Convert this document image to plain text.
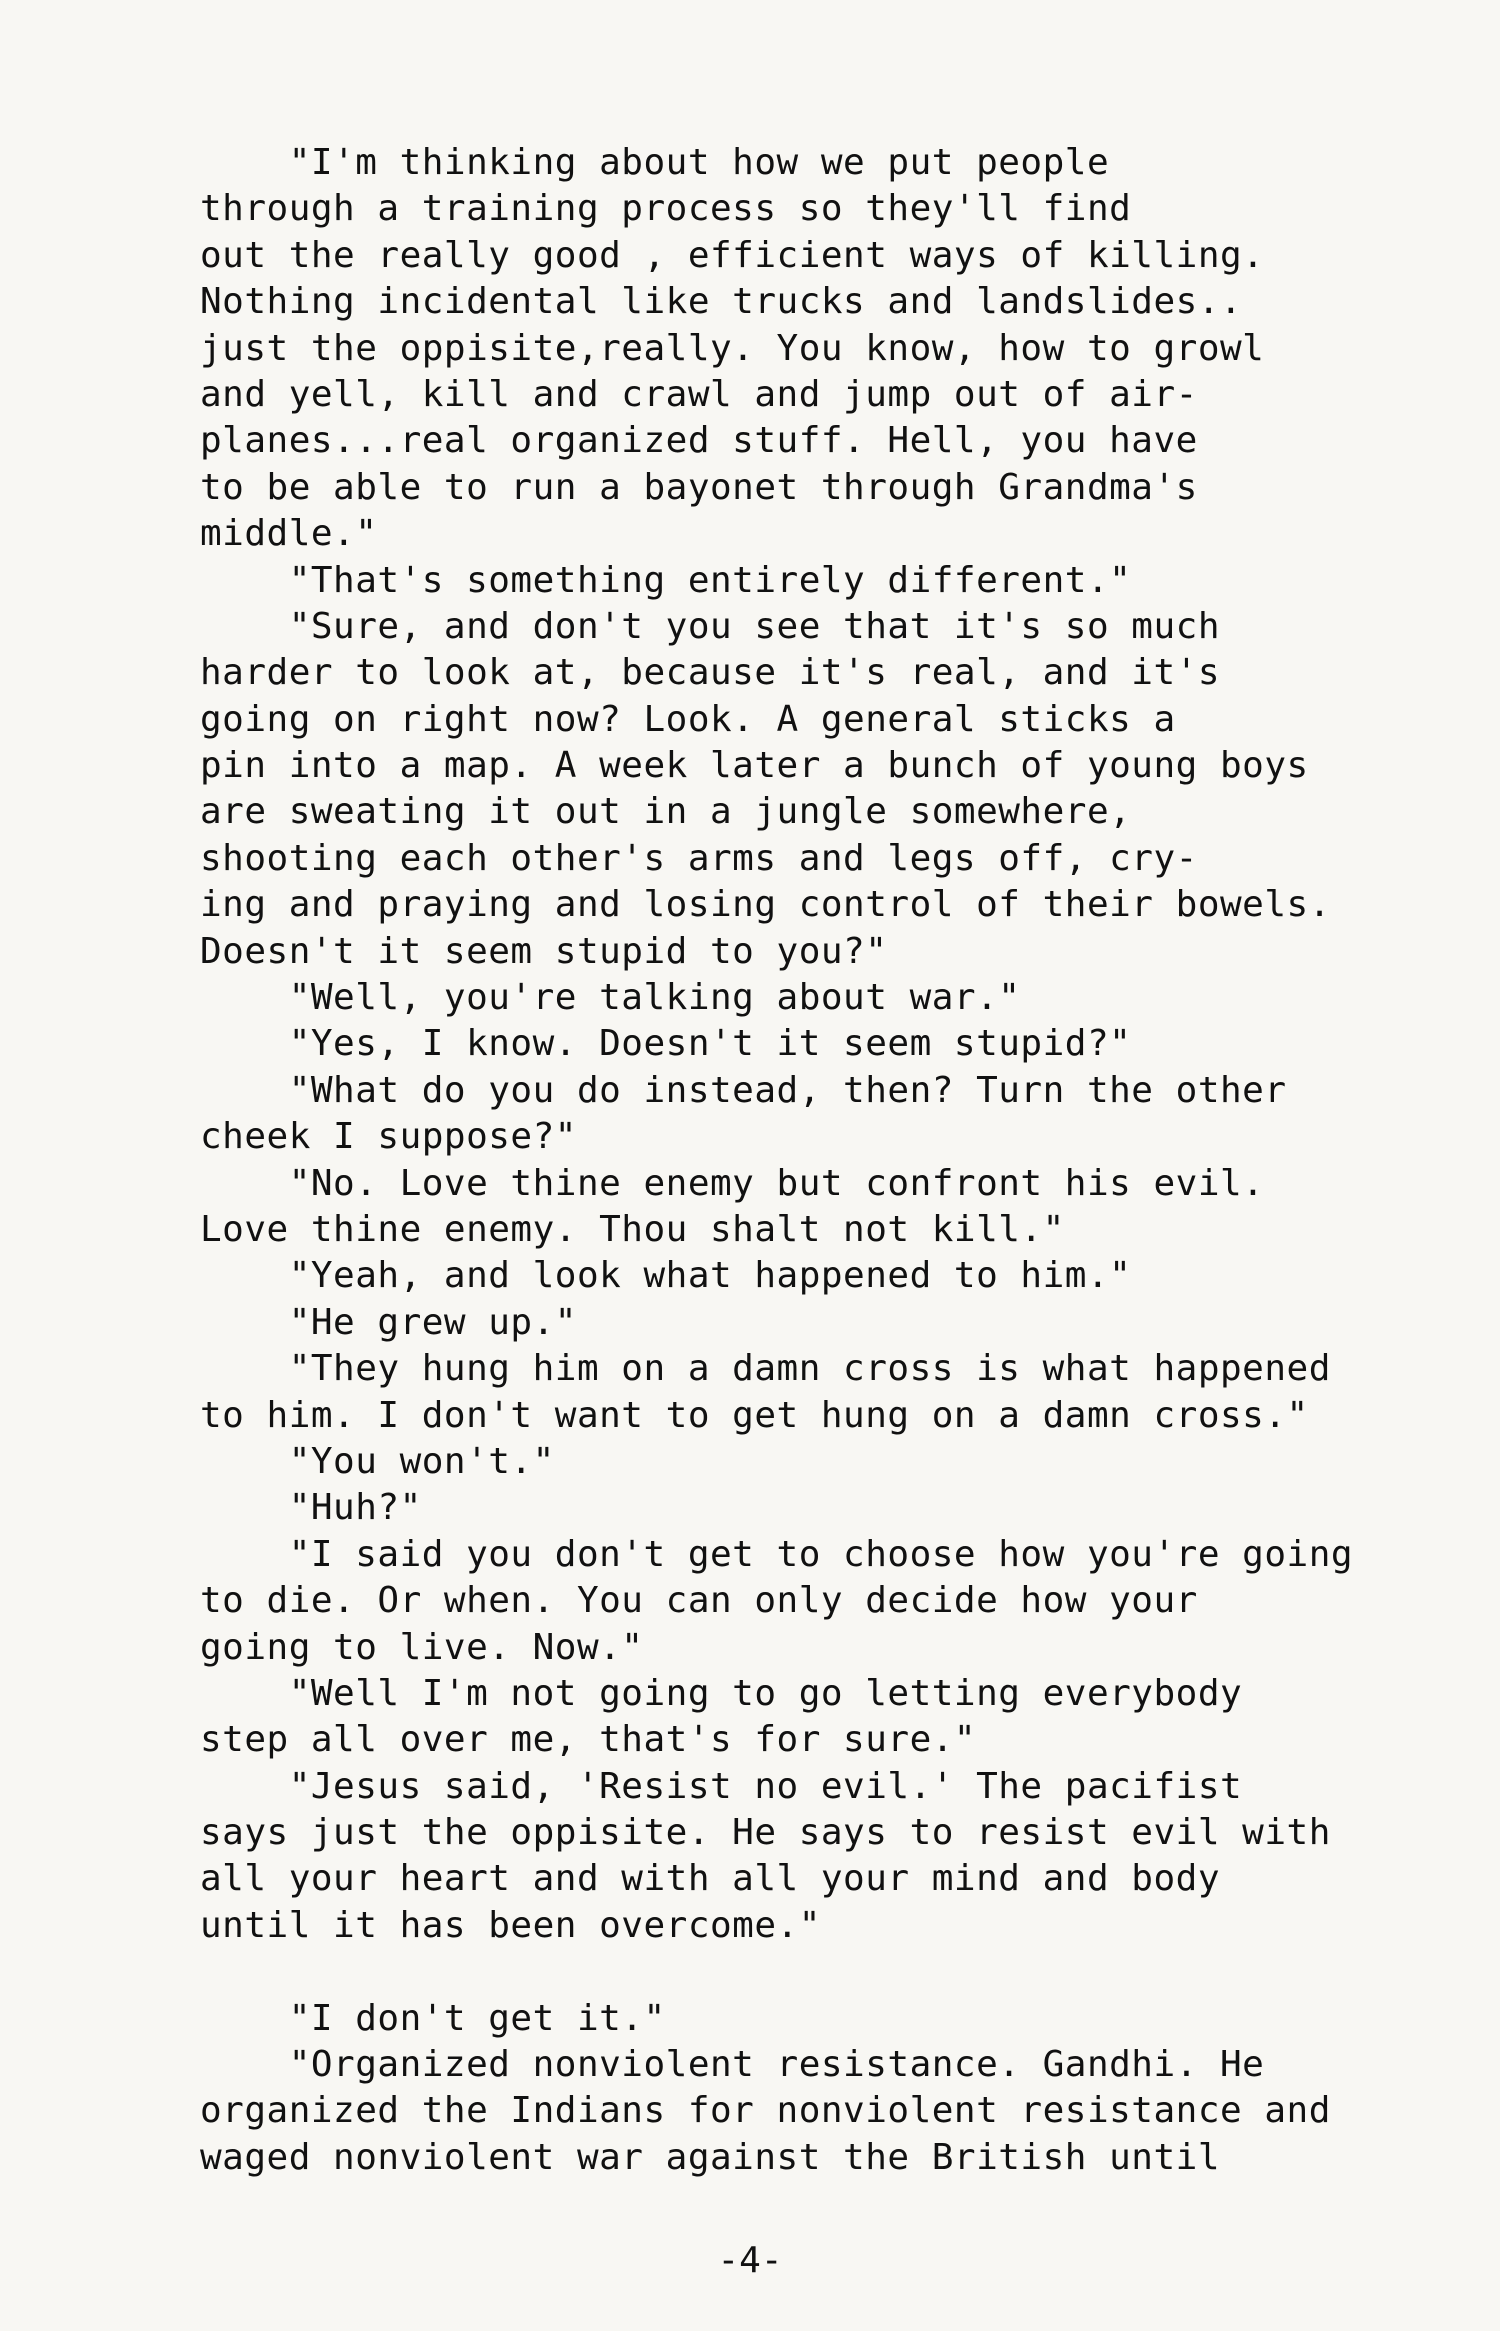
"I'm thinking about how we put people
through a training process so they'll find
out the really good , efficient ways of killing.
Nothing incidental like trucks and landslides..
just the oppisite,really. You know, how to growl
and yell, kill and crawl and jump out of air-
planes...real organized stuff. Hell, you have
to be able to run a bayonet through Grandma's
middle."
"That's something entirely different."
"Sure, and don't you see that it's so much
harder to look at, because it's real, and it's
going on right now? Look. A general sticks a
pin into a map. A week later a bunch of young boys
are sweating it out in a jungle somewhere,
shooting each other's arms and legs off, cry-
ing and praying and losing control of their bowels.
Doesn't it seem stupid to you?"
"Well, you're talking about war."
"Yes, I know. Doesn't it seem stupid?"
"What do you do instead, then? Turn the other
cheek I suppose?"
"No. Love thine enemy but confront his evil.
Love thine enemy. Thou shalt not kill."
"Yeah, and look what happened to him."
"He grew up."
"They hung him on a damn cross is what happened
to him. I don't want to get hung on a damn cross."
"You won't."
"Huh?"
"I said you don't get to choose how you're going
to die. Or when. You can only decide how your
going to live. Now."
"Well I'm not going to go letting everybody
step all over me, that's for sure."
"Jesus said, 'Resist no evil.' The pacifist
says just the oppisite. He says to resist evil with
all your heart and with all your mind and body
until it has been overcome."
"I don't get it."
"Organized nonviolent resistance. Gandhi. He
organized the Indians for nonviolent resistance and
waged nonviolent war against the British until
-4-
